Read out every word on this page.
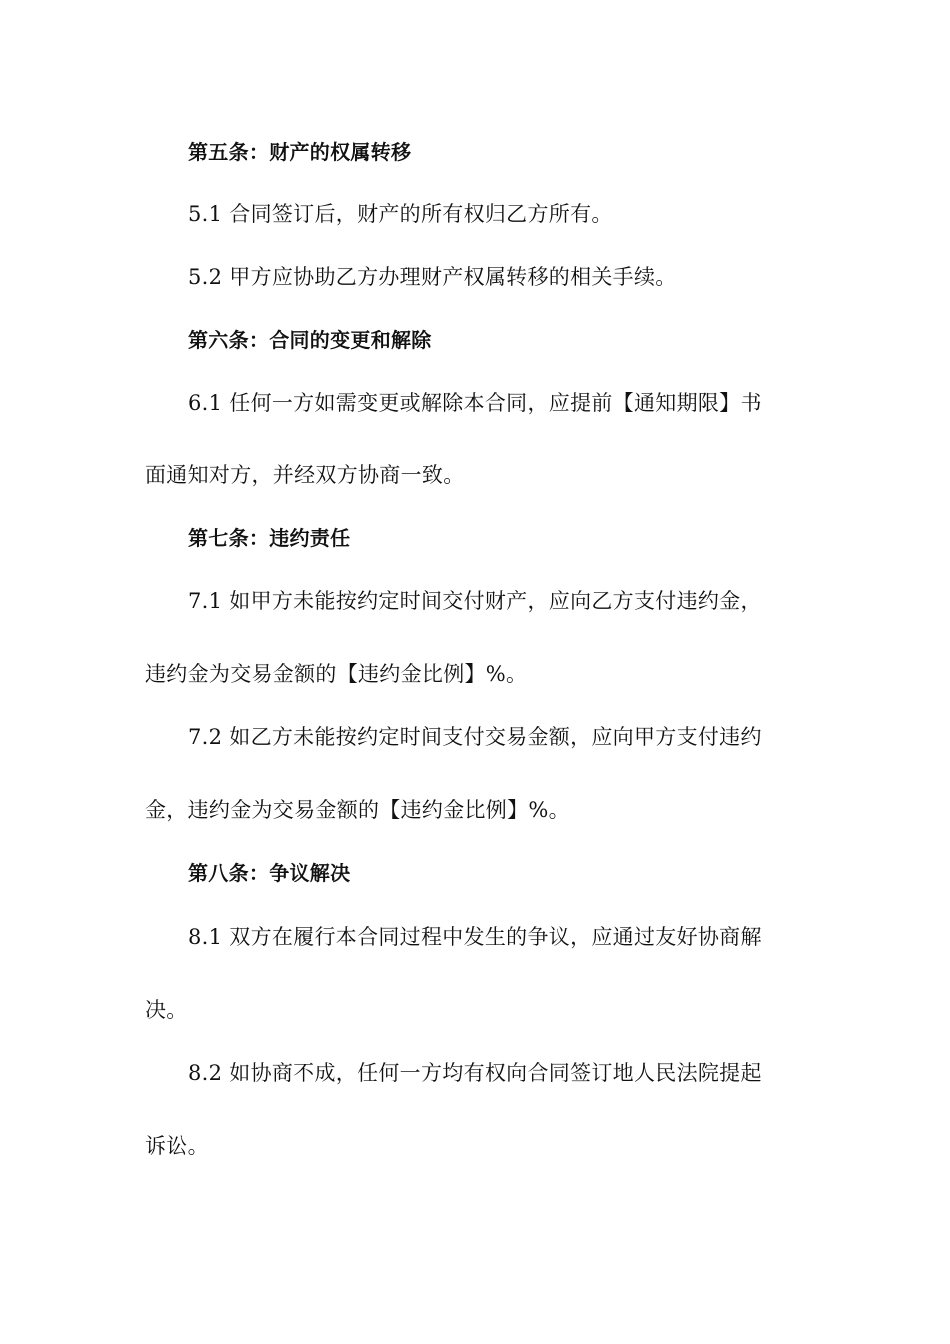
第五条：财产的权属转移
5.1 合同签订后，财产的所有权归乙方所有。
5.2 甲方应协助乙方办理财产权属转移的相关手续。
第六条：合同的变更和解除
6.1 任何一方如需变更或解除本合同，应提前【通知期限】书
面通知对方，并经双方协商一致。
第七条：违约责任
7.1 如甲方未能按约定时间交付财产，应向乙方支付违约金，
违约金为交易金额的【违约金比例】%。
7.2 如乙方未能按约定时间支付交易金额，应向甲方支付违约
金，违约金为交易金额的【违约金比例】%。
第八条：争议解决
8.1 双方在履行本合同过程中发生的争议，应通过友好协商解
决。
8.2 如协商不成，任何一方均有权向合同签订地人民法院提起
诉讼。
